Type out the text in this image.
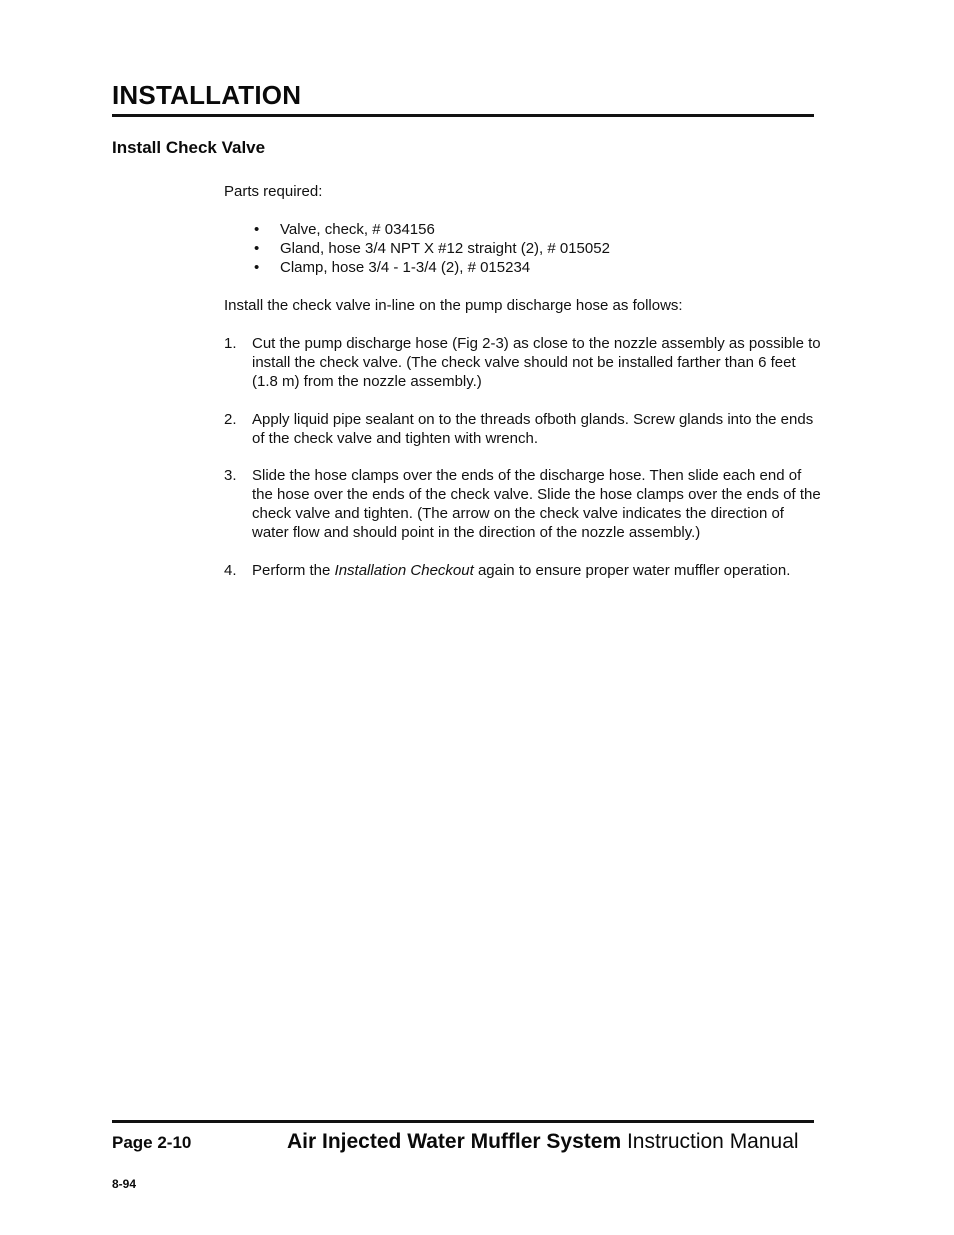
INSTALLATION
Install Check Valve

Parts required:

• Valve, check, # 034156
• Gland, hose 3/4 NPT X #12 straight (2), # 015052
• Clamp, hose 3/4 - 1-3/4 (2), # 015234

Install the check valve in-line on the pump discharge hose as follows:

1. Cut the pump discharge hose (Fig 2-3) as close to the nozzle assembly as possible to install the check valve. (The check valve should not be installed farther than 6 feet (1.8 m) from the nozzle assembly.)
2. Apply liquid pipe sealant on to the threads ofboth glands. Screw glands into the ends of the check valve and tighten with wrench.
3. Slide the hose clamps over the ends of the discharge hose. Then slide each end of the hose over the ends of the check valve. Slide the hose clamps over the ends of the check valve and tighten. (The arrow on the check valve indicates the direction of water flow and should point in the direction of the nozzle assembly.)
4. Perform the Installation Checkout again to ensure proper water muffler operation.
Page 2-10	Air Injected Water Muffler System Instruction Manual
8-94
